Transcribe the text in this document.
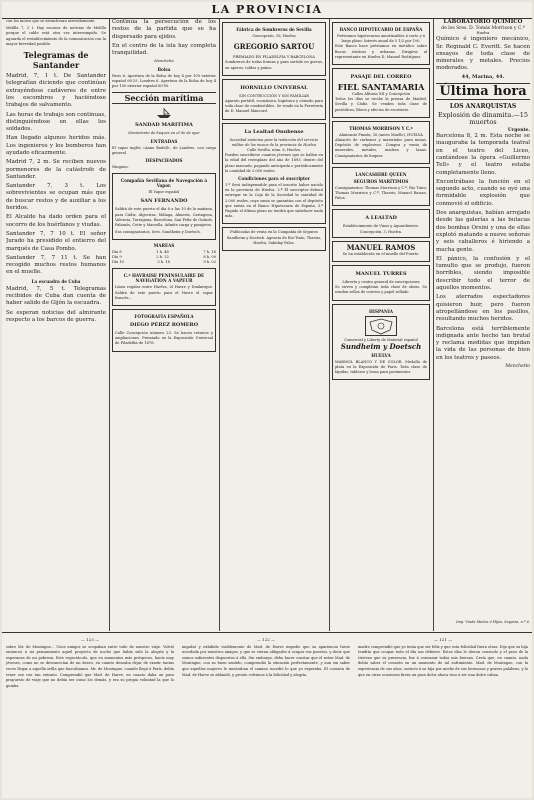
LA PROVINCIA

con los moros que se atrincheran atrevidamente.

Melilla 7, 3 t. Hay escasez de noticias de Melilla porque el cable está otra vez interrumpido. Se aguarda el restablecimiento de la comunicación con la mayor brevedad posible.

Telegramas de Santander

Madrid, 7, 1 t. De Santander telegrafían diciendo que continúan extrayéndose cadáveres de entre los escombros y haciéndose trabajos de salvamento.

Las horas de trabajo son continuas, distinguiéndose en ellas los soldados.

Han llegado algunos heridos más. Los ingenieros y los bomberos han ayudado eficazmente.

Madrid 7, 2 m. Se reciben nuevos pormenores de la catástrofe de Santander.

Santander 7, 3 t. Los sobrevivientes se ocupan más que de buscar restos y de auxiliar a los heridos.

El Alcalde ha dado orden para el socorro de los huérfanos y viudas.

Santander 7, 7 10 t. El señor Jurado ha presidido el entierro del marqués de Casa Pombo.

Santander 7, 7 11 t. Se han recogido muchos restos humanos en el muelle.

La escuadra de Cuba

Madrid, 7, 5 t. Telegramas recibidos de Cuba dan cuenta de haber salido de Gijón la escuadra.

Se esperan noticias del almirante respecto a los barcos de guerra.

Continúa la persecución de los restos de la partida que se ha dispersado para ejidos.

En el centro de la isla hay completa tranquilidad.

Menchetto
Bolsa

Paris 6. Apertura de la Bolsa de hoy 4 por 100 exterior español 60'25. Londres 6. Apertura de la Bolsa de hoy 4 por 100 exterior español 60'50.

Sección marítima
SANDAD MARITIMA
Movimiento de buques en el de de ayer
ENTRADAS

El vapor inglés «Anne Bodell», de Londres, con carga general.

DESPACHADOS

Ninguno.

Compañía Sevillana de Navegación á Vapor.
El Vapor español
SAN FERNANDO

Saldrá de este puerto el día 8 a las 10 de la mañana, para Cádiz, Algeciras, Málaga, Almería, Cartagena, Valencia, Tarragona, Barcelona, San Feliu de Guíxols, Palamós, Cette y Marsella. Admite carga y pasajeros.

Sus consignatarios, Sres. Sundheim y Doetsch.

MAREAS
Día 8	1 h. 48	7 h. 16
Día 9	2 h. 32	8 h. 00
Día 10	3 h. 18	9 h. 02
C.ª HAVRAISE PENINSULAIRE DE NAVIGATION A VAPEUR

Línea regular entre Huelva, el Havre y Dunkerque. Saldrá de este puerto para el Havre el vapor francés...

FOTOGRAFÍA ESPAÑOLA
DIEGO PÉREZ ROMERO

Calle Concepción número 23. Se hacen retratos y ampliaciones. Premiado en la Exposición Universal de Filadelfia de 1876.

Fábrica de Sombreros de Sevilla
Concepción, 16, Huelva
GREGORIO SARTOU
PREMIADO EN FILADELFIA Y BARCELONA

Sombreros de todas formas y gran surtido en gorras, en aperos, toldos y paños.

HORNILLO UNIVERSAL
SIN CONTRUCCIÓN Y SIN FAMILIAR

Aparato portátil, económico, higiénico y cómodo para toda clase de combustibles. Se vende en la Ferretería de D. Manuel Mancord.

La Lealtad Onubense
Sociedad anónima para la redacción del servicio militar de los mozos de la provincia de Huelva
Calle Sevilla, núm. 6, Huelva.

Pueden suscribirse cuantos jóvenes que se hallen en la edad del reemplazo del año de 1893, dentro del plazo marcado, pagando anticipada o periódicamente la cantidad de 2.000 reales.

Condiciones para el suscriptor

1.ª Será indispensable para el inscrito haber nacido en la provincia de Huelva. 2.ª El suscriptor deberá entregar en la Caja de la Sociedad la cantidad de 2.000 reales, cuya suma se garantiza con el depósito que exista en el Banco Hipotecario de España. 3.ª Pagado el último plazo no tendrá que satisfacer nada más.

Publicadas de venta en la Compañía de Seguros Sundheim y Doetsch. Agencia de Rio-Tinto, Tharsis, Huelva, Sabiday Palos.

BANCO HIPOTECARIO DE ESPAÑA
Préstamos hipotecarios amortizables á corto y á largo plazo. Interés anual de 5 1/2 por 100.

Este Banco hace préstamos en metálico sobre fincas rústicas y urbanas. Dirigirse al representante en Huelva D. Manuel Rodríguez.

PASAJE DEL CORREO
FIEL SANTAMARIA
Calles Alfonso XII y Concepción

Todos los días se recibe la prensa de Madrid, Sevilla y Cádiz. Se venden toda clase de periódicos, libros y efectos de escritorio.

THOMAS MORRISON Y C.ª
Almirante Pinzón, 16 (antes Muelle), HUELVA

Almacén de carbones y materiales para minas. Depósito de explosivos. Compra y venta de minerales, metales, madera y lanas. Consignatarios de buques.

LANCASHIRE QUEEN
SEGUROS MARÍTIMOS

Consignatarios: Thomas Morrison y C.ª, Rio Tinto; Thomas Morrison y C.ª, Tharsis; Manuel Ramos, Palos.

A LEALTAD
Establecimiento de Vinos y Aguardientes. Concepción, 3, Huelva.
MANUEL RAMOS

Se ha establecido en el muelle del Puerto.

MANUEL TURRES
Librería y centro general de suscripciones

Se sirven y completan toda clase de obras. Se venden sellos de correos y papel sellado.

HISPANIA
Comercial y Liberty de Material español
Sundheim y Doetsch
HUELVA

MARMOL BLANCO Y DE COLOR. Medalla de plata en la Exposición de Paris. Toda clase de lápidas, tableros y losas para pavimentos.

LABORATORIO QUÍMICO
de los Sres. D. Tomás Morrison y C.ª
Huelva

Químico é ingeniero mecánico, Sr. Reginald C. Everitt. Se hacen ensayos de toda clase de minerales y metales. Precios moderados.

44, Marina, 44.
Última hora
LOS ANARQUISTAS
Explosión de dinamita.—15 muertos
Urgente.

Barcelona 8, 2 m. Esta noche se inauguraba la temporada teatral en el teatro del Liceo, cantándose la ópera «Guillermo Tell» y el teatro estaba completamente lleno.

Encontrábase la función en el segundo acto, cuando se oyó una formidable explosión que conmovió el edificio.

Dos anarquistas, habían arrojado desde las galerías a las butacas dos bombas Orsini y una de ellas explotó matando a nueve señoras y seis caballeros é hiriendo a mucha gente.

El pánico, la confusión y el tumulto que se produjo, fueron horribles, siendo imposible describir todo el terror de aquellos momentos.

Los aterrados espectadores quisieron huir, pero fueron atropellándose en los pasillos, resultando muchos heridos.

Barcelona está terriblemente indignada ante hecho tan brutal y reclama medidas que impidan la vida de las personas de bien en los teatros y paseos.

Menchetto
Imp. Viuda Muñoz é Hijos, Segovia, n.º 6.
— 123 —

sobre Mr. de Montague... Unos amigos se ocupaban entre todo de nuestro viaje. Volvió entonces á mi pensamiento aquel proyecto de noche que había sido la alegría y la esperanza de mi pobreza. Este espectáculo, que en momentos más prósperos, hacía muy jóvenes, como no se desvanecían de mi deseo, en cuanto deseaba dejar de existir tantas veces llegar a aquella orilla que buscábamos. Mr. de Montague, cuando llegó á París, debía tener ese ron tan extraño. Comprendió que Mad. de Harve, en cuanto daba un paso propuesto de viaje que no debía ser como los demás, y era su propia voluntad la que lo guiaba.

— 122 —

impulsó y exhibido visiblemente de Mad. de Harve impedir que su apariencia fuese acordada por nuestros amigos, y que se vieran obligados á ocupar sus puestos, y decir que somos suficientes dispuestos á ello. Sin embargo, debo hacer constar que el señor Mad. de Montague, con su buen sentido, comprendió la situación perfectamente, y aun sin saber que aquellas mujeres le mostraban el camino sucedió lo que yo esperaba. El corazón de Mad. de Harve se ablandó, y pronto volvimos á la felicidad y alegría.

— 121 —

madre comprendió que yo tenía que ser feliz y que esta felicidad fuera otras. Dijo que su hija tendría que ocupar todo el día sus deberes. Estos días le dieron consuelo y el peso de la tristeza que su presencia, fue á consumir todas mis fuerzas. Creía que, en cuanto, nada debía saber el corazón en un momento de tal sufrimiento. Mad. de Montague, con la experiencia de sus años, sostuvo á su hija por medio de sus hermosas y graves palabras, y lo que en otras ocasiones fuera un gran dolor ahora vino á ser una dulce calma.
